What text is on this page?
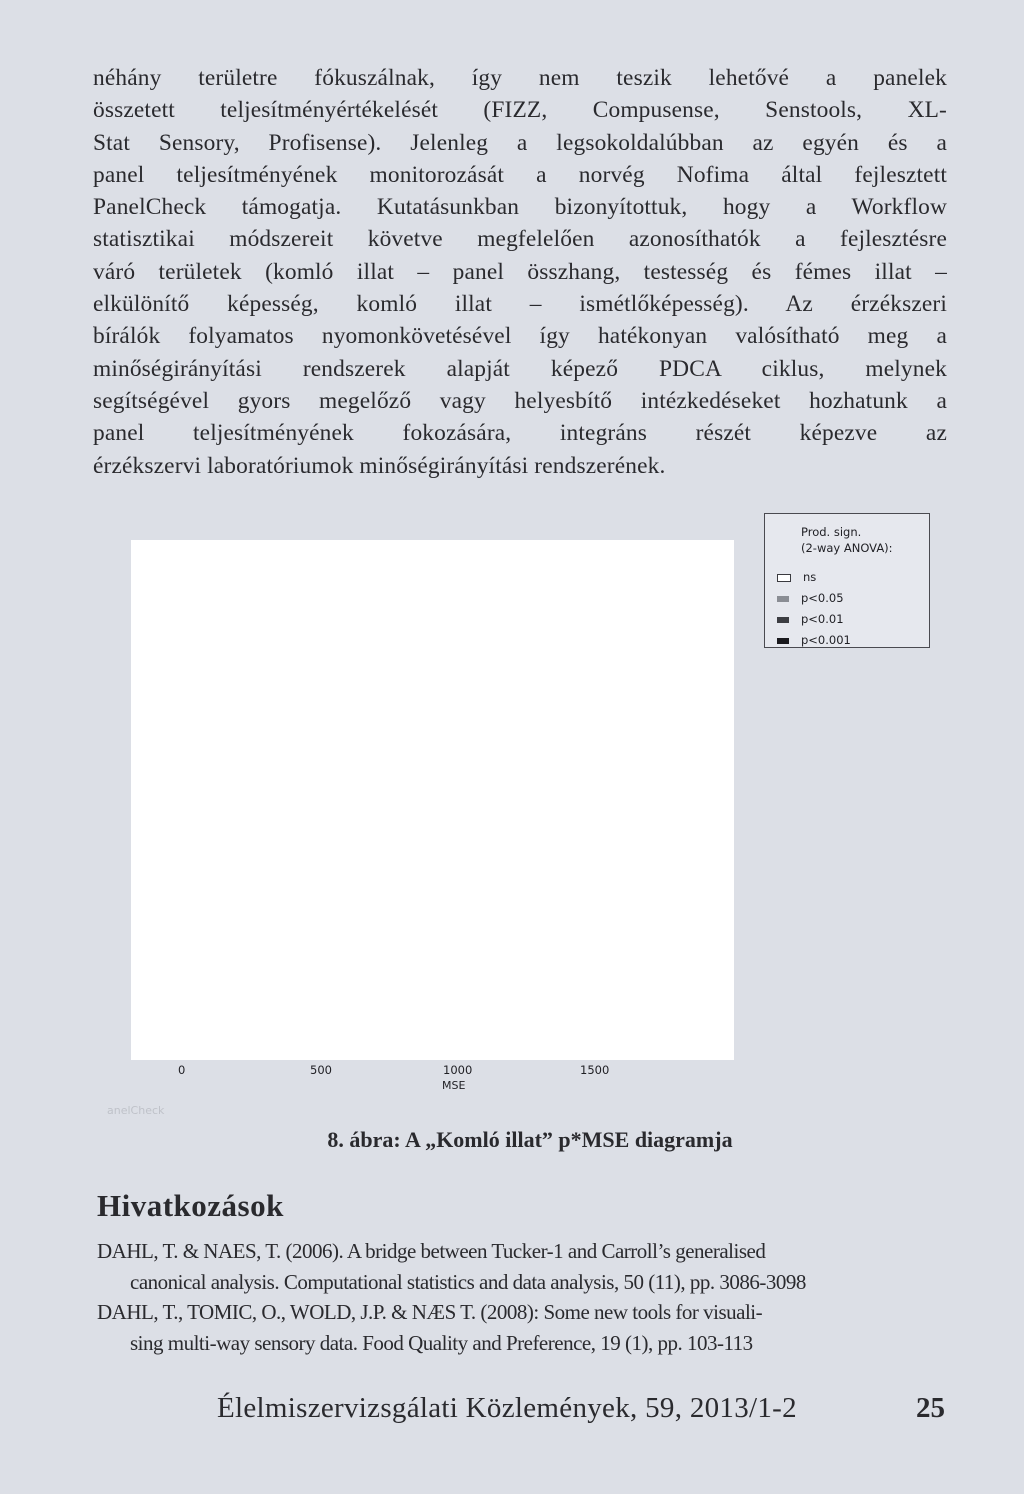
néhány területre fókuszálnak, így nem teszik lehetővé a panelek
összetett teljesítményértékelését (FIZZ, Compusense, Senstools, XL-
Stat Sensory, Profisense). Jelenleg a legsokoldalúbban az egyén és a
panel teljesítményének monitorozását a norvég Nofima által fejlesztett
PanelCheck támogatja. Kutatásunkban bizonyítottuk, hogy a Workflow
statisztikai módszereit követve megfelelően azonosíthatók a fejlesztésre
váró területek (komló illat – panel összhang, testesség és fémes illat –
elkülönítő képesség, komló illat – ismétlőképesség). Az érzékszeri
bírálók folyamatos nyomonkövetésével így hatékonyan valósítható meg a
minőségirányítási rendszerek alapját képező PDCA ciklus, melynek
segítségével gyors megelőző vagy helyesbítő intézkedéseket hozhatunk a
panel teljesítményének fokozására, integráns részét képezve az
érzékszervi laboratóriumok minőségirányítási rendszerének.
Prod. sign.
(2-way ANOVA):
ns
p<0.05
p<0.01
p<0.001
0	500	1000	1500
MSE
anelCheck
8. ábra: A „Komló illat” p*MSE diagramja
Hivatkozások
DAHL, T. & NAES, T. (2006). A bridge between Tucker-1 and Carroll’s generalised
canonical analysis. Computational statistics and data analysis, 50 (11), pp. 3086-3098
DAHL, T., TOMIC, O., WOLD, J.P. & NÆS T. (2008): Some new tools for visuali-
sing multi-way sensory data. Food Quality and Preference, 19 (1), pp. 103-113
Élelmiszervizsgálati Közlemények, 59, 2013/1-2	25
